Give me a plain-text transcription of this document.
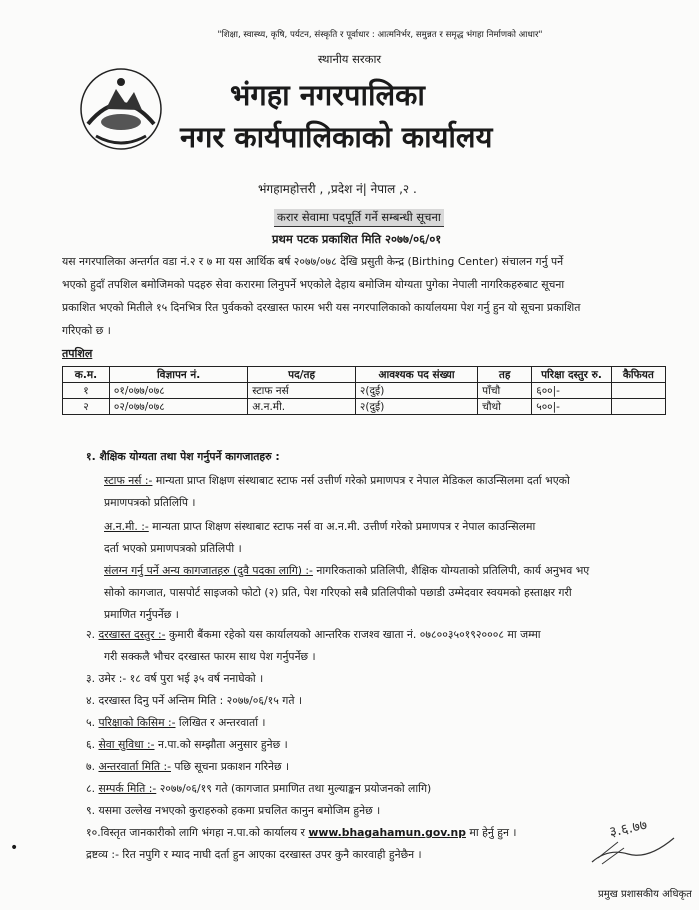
"शिक्षा, स्वास्थ्य, कृषि, पर्यटन, संस्कृति र पूर्वाधार : आत्मनिर्भर, समुन्नत र समृद्ध भंगहा निर्माणको आधार"
स्थानीय सरकार
भंगहा नगरपालिका
नगर कार्यपालिकाको कार्यालय
भंगहामहोत्तरी , ,प्रदेश नं| नेपाल ,२ .
करार सेवामा पदपूर्ति गर्ने सम्बन्धी सूचना
प्रथम पटक प्रकाशित मिति २०७७/०६/०१
यस नगरपालिका अन्तर्गत वडा नं.२ र ७ मा यस आर्थिक बर्ष २०७७/०७८ देखि प्रसुती केन्द्र (Birthing Center) संचालन गर्नु पर्ने
भएको हुदाँ तपशिल बमोजिमको पदहरु सेवा करारमा लिनुपर्ने भएकोले देहाय बमोजिम योग्यता पुगेका नेपाली नागरिकहरुबाट सूचना
प्रकाशित भएको मितीले १५ दिनभित्र रित पुर्वकको दरखास्त फारम भरी यस नगरपालिकाको कार्यालयमा पेश गर्नु हुन यो सूचना प्रकाशित
गरिएको छ ।
तपशिल
क.म.	विज्ञापन नं.	पद/तह	आवश्यक पद संख्या	तह	परिक्षा दस्तुर रु.	कैफियत
१	०१/०७७/०७८	स्टाफ नर्स	२(दुई)	पाँचौ	६००|-	
२	०२/०७७/०७८	अ.न.मी.	२(दुई)	चौथो	५००|-	
१. शैक्षिक योग्यता तथा पेश गर्नुपर्ने कागजातहरु :
स्टाफ नर्स :- मान्यता प्राप्त शिक्षण संस्थाबाट स्टाफ नर्स उत्तीर्ण गरेको प्रमाणपत्र र नेपाल मेडिकल काउन्सिलमा दर्ता भएको
प्रमाणपत्रको प्रतिलिपि ।
अ.न.मी. :- मान्यता प्राप्त शिक्षण संस्थाबाट स्टाफ नर्स वा अ.न.मी. उत्तीर्ण गरेको प्रमाणपत्र र नेपाल काउन्सिलमा
दर्ता भएको प्रमाणपत्रको प्रतिलिपी ।
संलग्न गर्नु पर्ने अन्य कागजातहरु (दुवै पदका लागि) :- नागरिकताको प्रतिलिपी, शैक्षिक योग्यताको प्रतिलिपी, कार्य अनुभव भए
सोको कागजात, पासपोर्ट साइजको फोटो (२) प्रति, पेश गरिएको सबै प्रतिलिपीको पछाडी उम्मेदवार स्वयमको हस्ताक्षर गरी
प्रमाणित गर्नुपर्नेछ ।
२. दरखास्त दस्तुर :- कुमारी बैंकमा रहेको यस कार्यालयको आन्तरिक राजश्व खाता नं. ०७८००३५०१९२०००८ मा जम्मा
गरी सक्कलै भौचर दरखास्त फारम साथ पेश गर्नुपर्नेछ ।
३. उमेर :- १८ वर्ष पुरा भई ३५ वर्ष ननाघेको ।
४. दरखास्त दिनु पर्ने अन्तिम मिति : २०७७/०६/१५ गते ।
५. परिक्षाको किसिम :- लिखित र अन्तरवार्ता ।
६. सेवा सुविधा :- न.पा.को सम्झौता अनुसार हुनेछ ।
७. अन्तरवार्ता मिति :- पछि सूचना प्रकाशन गरिनेछ ।
८. सम्पर्क मिति :- २०७७/०६/१९ गते (कागजात प्रमाणित तथा मुल्याङ्कन प्रयोजनको लागि)
९. यसमा उल्लेख नभएको कुराहरुको हकमा प्रचलित कानुन बमोजिम हुनेछ ।
१०.विस्तृत जानकारीको लागि भंगहा न.पा.को कार्यालय र www.bhagahamun.gov.np मा हेर्नु हुन ।
द्रष्टव्य :- रित नपुगि र म्याद नाघी दर्ता हुन आएका दरखास्त उपर कुनै कारवाही हुनेछैन ।
३.६.७७
प्रमुख प्रशासकीय अधिकृत
•
